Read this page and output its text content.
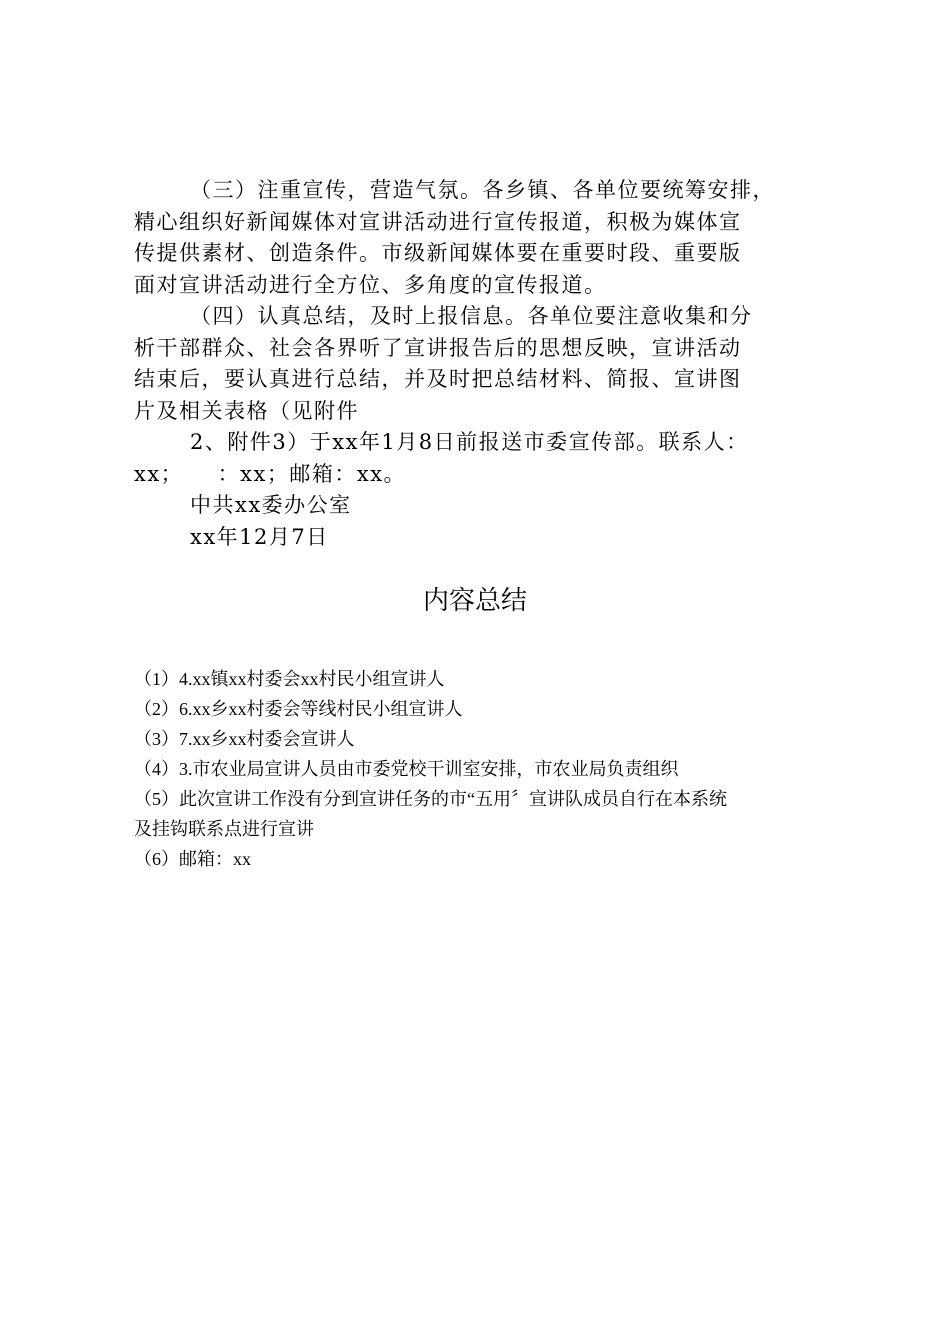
（三）注重宣传，营造气氛。各乡镇、各单位要统筹安排，
精心组织好新闻媒体对宣讲活动进行宣传报道，积极为媒体宣
传提供素材、创造条件。市级新闻媒体要在重要时段、重要版
面对宣讲活动进行全方位、多角度的宣传报道。
（四）认真总结，及时上报信息。各单位要注意收集和分
析干部群众、社会各界听了宣讲报告后的思想反映，宣讲活动
结束后，要认真进行总结，并及时把总结材料、简报、宣讲图
片及相关表格（见附件
2、附件3）于xx年1月8日前报送市委宣传部。联系人：
xx；　　：xx；邮箱：xx。
中共xx委办公室
xx年12月7日
内容总结
（1）4.xx镇xx村委会xx村民小组宣讲人
（2）6.xx乡xx村委会等线村民小组宣讲人
（3）7.xx乡xx村委会宣讲人
（4）3.市农业局宣讲人员由市委党校干训室安排，市农业局负责组织
（5）此次宣讲工作没有分到宣讲任务的市“五用〞宣讲队成员自行在本系统
及挂钩联系点进行宣讲
（6）邮箱：xx
